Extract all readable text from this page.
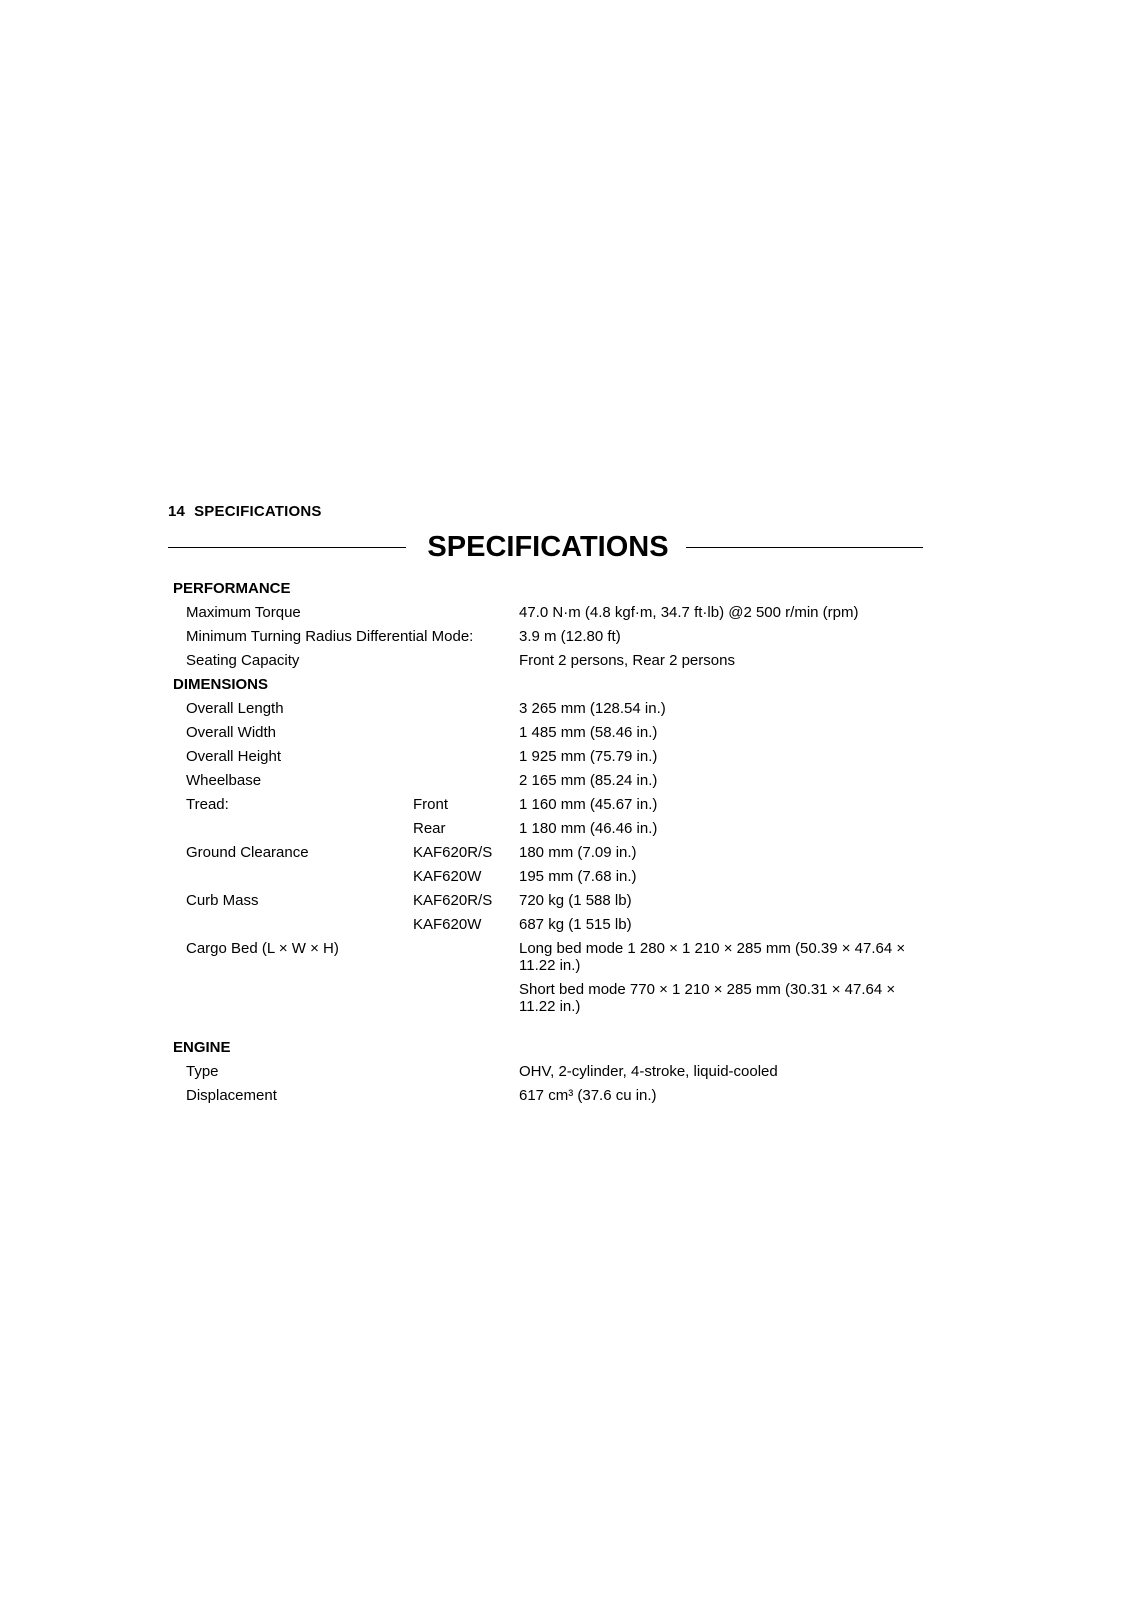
14 SPECIFICATIONS
SPECIFICATIONS
PERFORMANCE		
Maximum Torque		47.0 N·m (4.8 kgf·m, 34.7 ft·lb) @2 500 r/min (rpm)
Minimum Turning Radius Differential Mode:		3.9 m (12.80 ft)
Seating Capacity		Front 2 persons, Rear 2 persons
DIMENSIONS		
Overall Length		3 265 mm (128.54 in.)
Overall Width		1 485 mm (58.46 in.)
Overall Height		1 925 mm (75.79 in.)
Wheelbase		2 165 mm (85.24 in.)
Tread:	Front	1 160 mm (45.67 in.)
	Rear	1 180 mm (46.46 in.)
Ground Clearance	KAF620R/S	180 mm (7.09 in.)
	KAF620W	195 mm (7.68 in.)
Curb Mass	KAF620R/S	720 kg (1 588 lb)
	KAF620W	687 kg (1 515 lb)
Cargo Bed (L × W × H)		Long bed mode 1 280 × 1 210 × 285 mm (50.39 × 47.64 × 11.22 in.)
		Short bed mode 770 × 1 210 × 285 mm (30.31 × 47.64 × 11.22 in.)
ENGINE		
Type		OHV, 2-cylinder, 4-stroke, liquid-cooled
Displacement		617 cm³ (37.6 cu in.)
